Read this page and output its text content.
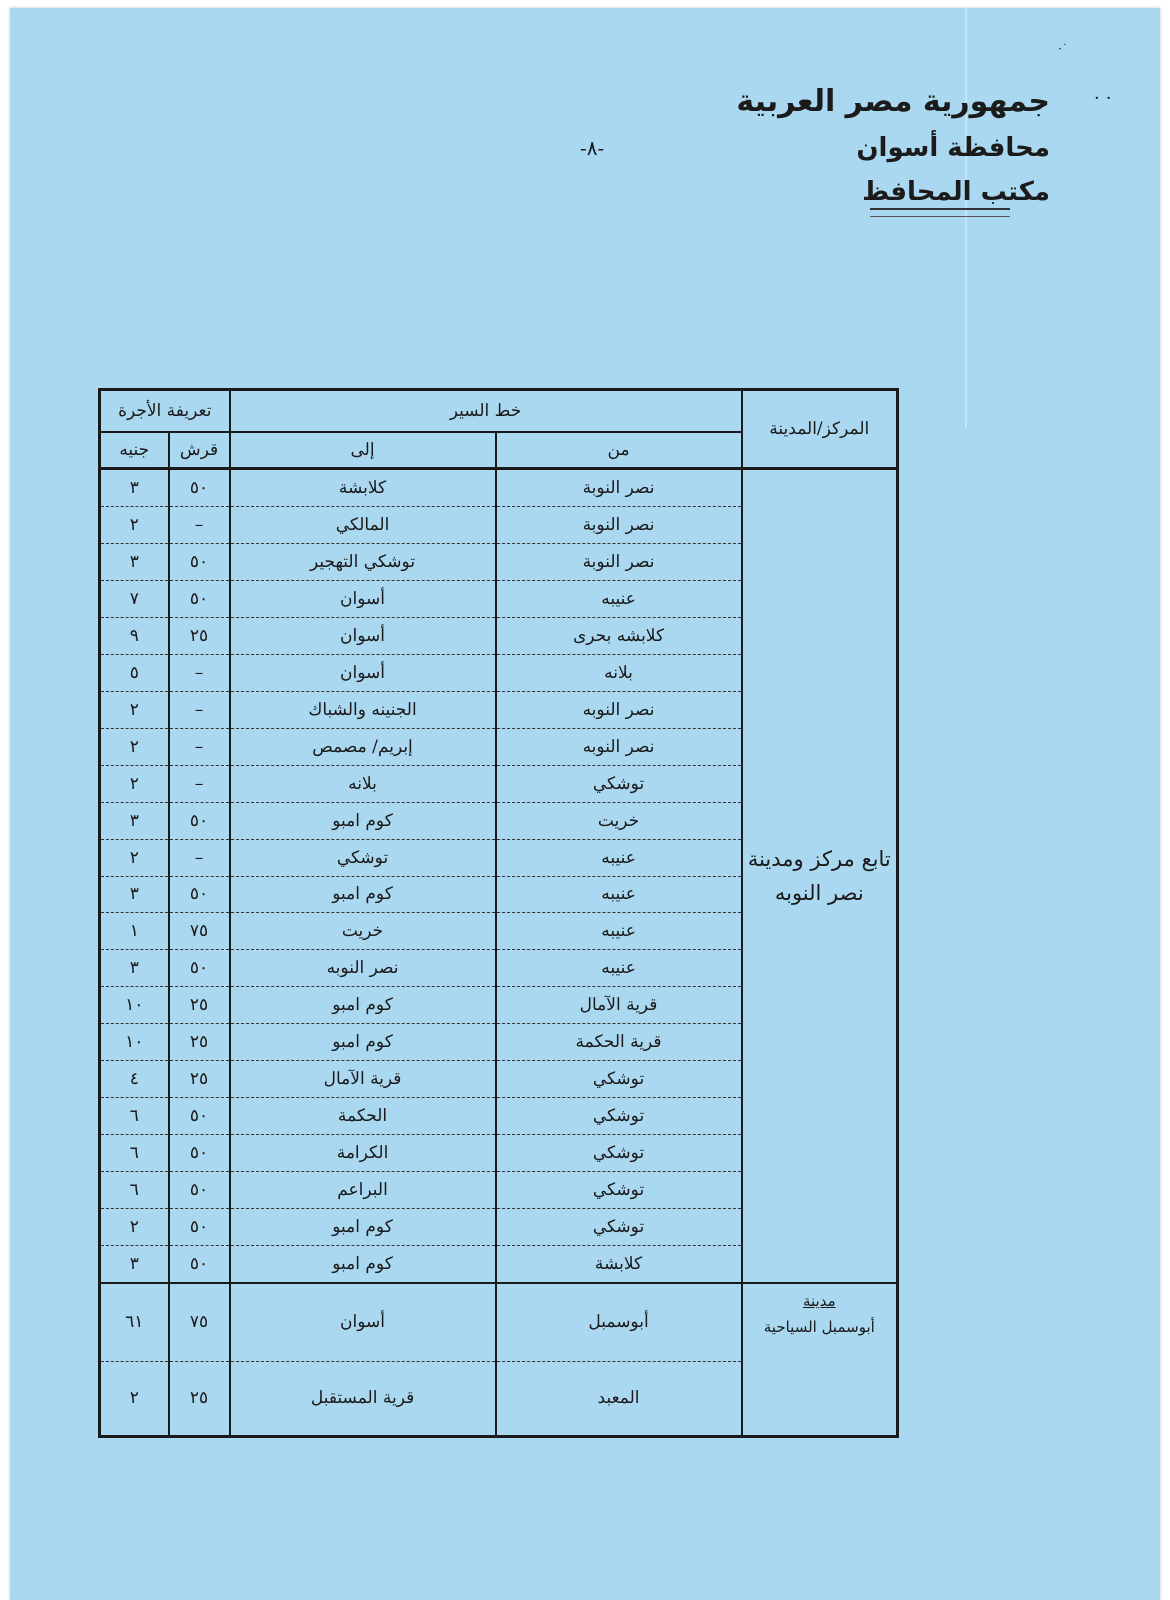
·˙
··
جمهورية مصر العربية
محافظة أسوان
مكتب المحافظ
-٨-
المركز/المدينة	خط السير		تعريفة الأجرة	
	من	إلى	قرش	جنيه
تابع مركز ومدينة نصر النوبه	نصر النوبة	كلابشة	٥٠	٣
	نصر النوبة	المالكي	–	٢
	نصر النوبة	توشكي التهجير	٥٠	٣
	عنيبه	أسوان	٥٠	٧
	كلابشه بحرى	أسوان	٢٥	٩
	بلانه	أسوان	–	٥
	نصر النوبه	الجنينه والشباك	–	٢
	نصر النوبه	إبريم/ مصمص	–	٢
	توشكي	بلانه	–	٢
	خريت	كوم امبو	٥٠	٣
	عنيبه	توشكي	–	٢
	عنيبه	كوم امبو	٥٠	٣
	عنيبه	خريت	٧٥	١
	عنيبه	نصر النوبه	٥٠	٣
	قرية الآمال	كوم امبو	٢٥	١٠
	قرية الحكمة	كوم امبو	٢٥	١٠
	توشكي	قرية الآمال	٢٥	٤
	توشكي	الحكمة	٥٠	٦
	توشكي	الكرامة	٥٠	٦
	توشكي	البراعم	٥٠	٦
	توشكي	كوم امبو	٥٠	٢
	كلابشة	كوم امبو	٥٠	٣

مدينة
أبوسمبل السياحية	أبوسمبل	أسوان	٧٥	٦١
	المعبد	قرية المستقبل	٢٥	٢
